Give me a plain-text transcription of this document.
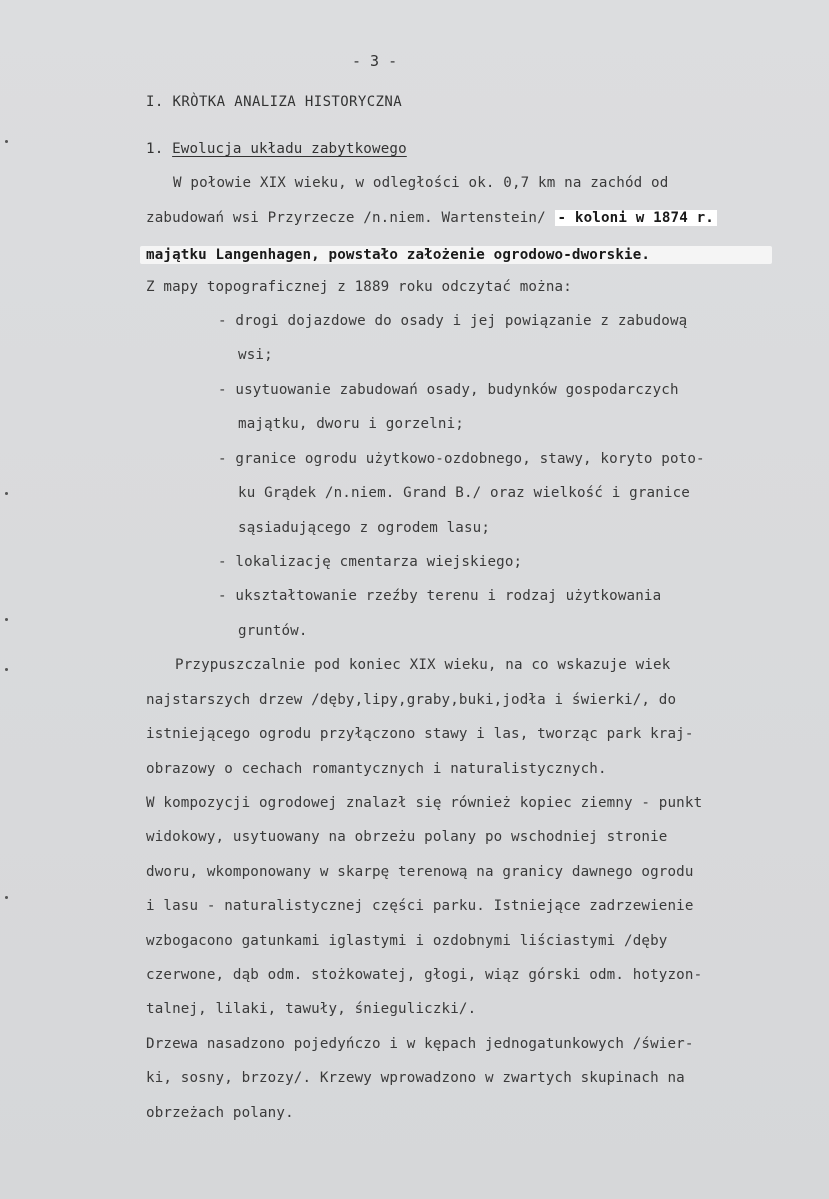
- 3 -
I. KRÒTKA ANALIZA HISTORYCZNA
1. Ewolucja układu zabytkowego
W połowie XIX wieku, w odległości ok. 0,7 km na zachód od
zabudowań wsi Przyrzecze /n.niem. Wartenstein/ - koloni w 1874 r.
majątku Langenhagen, powstało założenie ogrodowo-dworskie.
Z mapy topograficznej z 1889 roku odczytać można:
- drogi dojazdowe do osady i jej powiązanie z zabudową
wsi;
- usytuowanie zabudowań osady, budynków gospodarczych
majątku, dworu i gorzelni;
- granice ogrodu użytkowo-ozdobnego, stawy, koryto poto-
ku Grądek /n.niem. Grand B./ oraz wielkość i granice
sąsiadującego z ogrodem lasu;
- lokalizację cmentarza wiejskiego;
- ukształtowanie rzeźby terenu i rodzaj użytkowania
gruntów.
Przypuszczalnie pod koniec XIX wieku, na co wskazuje wiek
najstarszych drzew /dęby,lipy,graby,buki,jodła i świerki/, do
istniejącego ogrodu przyłączono stawy i las, tworząc park kraj-
obrazowy o cechach romantycznych i naturalistycznych.
W kompozycji ogrodowej znalazł się również kopiec ziemny - punkt
widokowy, usytuowany na obrzeżu polany po wschodniej stronie
dworu, wkomponowany w skarpę terenową na granicy dawnego ogrodu
i lasu - naturalistycznej części parku. Istniejące zadrzewienie
wzbogacono gatunkami iglastymi i ozdobnymi liściastymi /dęby
czerwone, dąb odm. stożkowatej, głogi, wiąz górski odm. hotyzon-
talnej, lilaki, tawuły, śnieguliczki/.
Drzewa nasadzono pojedyńczo i w kępach jednogatunkowych /świer-
ki, sosny, brzozy/. Krzewy wprowadzono w zwartych skupinach na
obrzeżach polany.
